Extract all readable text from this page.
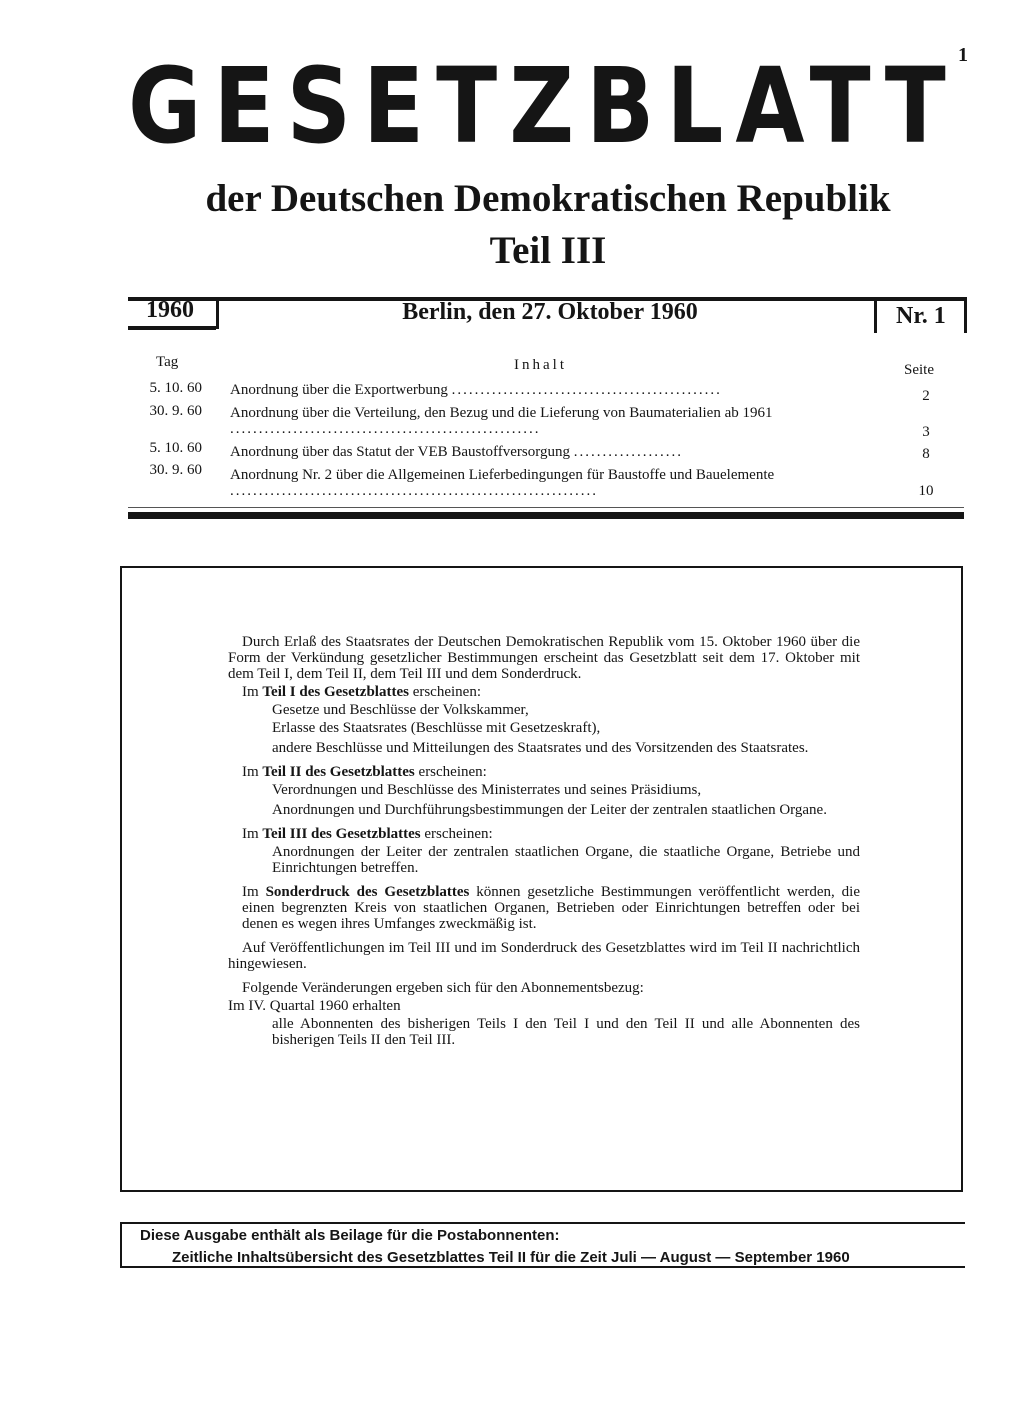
1
GESETZBLATT
der Deutschen Demokratischen Republik
Teil III
1960	Berlin, den 27. Oktober 1960	Nr. 1
Tag	Inhalt	Seite
5. 10. 60 Anordnung über die Exportwerbung ...............................................	2
30. 9. 60 Anordnung über die Verteilung, den Bezug und die Lieferung von Baumaterialien ab 1961 ......................................................	3
5. 10. 60 Anordnung über das Statut der VEB Baustoffversorgung ...................	8
30. 9. 60 Anordnung Nr. 2 über die Allgemeinen Lieferbedingungen für Baustoffe und Bauelemente ................................................................	10

Durch Erlaß des Staatsrates der Deutschen Demokratischen Republik vom 15. Oktober 1960 über die Form der Verkündung gesetzlicher Bestimmungen erscheint das Gesetzblatt seit dem 17. Oktober mit dem Teil I, dem Teil II, dem Teil III und dem Sonderdruck.

Im Teil I des Gesetzblattes erscheinen:

Gesetze und Beschlüsse der Volkskammer,

Erlasse des Staatsrates (Beschlüsse mit Gesetzeskraft),

andere Beschlüsse und Mitteilungen des Staatsrates und des Vorsitzenden des Staatsrates.

Im Teil II des Gesetzblattes erscheinen:

Verordnungen und Beschlüsse des Ministerrates und seines Präsidiums,

Anordnungen und Durchführungsbestimmungen der Leiter der zentralen staatlichen Organe.

Im Teil III des Gesetzblattes erscheinen:

Anordnungen der Leiter der zentralen staatlichen Organe, die staatliche Organe, Betriebe und Einrichtungen betreffen.

Im Sonderdruck des Gesetzblattes können gesetzliche Bestimmungen veröffentlicht werden, die einen begrenzten Kreis von staatlichen Organen, Betrieben oder Einrichtungen betreffen oder bei denen es wegen ihres Umfanges zweckmäßig ist.

Auf Veröffentlichungen im Teil III und im Sonderdruck des Gesetzblattes wird im Teil II nachrichtlich hingewiesen.

Folgende Veränderungen ergeben sich für den Abonnementsbezug:

Im IV. Quartal 1960 erhalten

alle Abonnenten des bisherigen Teils I den Teil I und den Teil II und alle Abonnenten des bisherigen Teils II den Teil III.

Diese Ausgabe enthält als Beilage für die Postabonnenten:
Zeitliche Inhaltsübersicht des Gesetzblattes Teil II für die Zeit Juli — August — September 1960
